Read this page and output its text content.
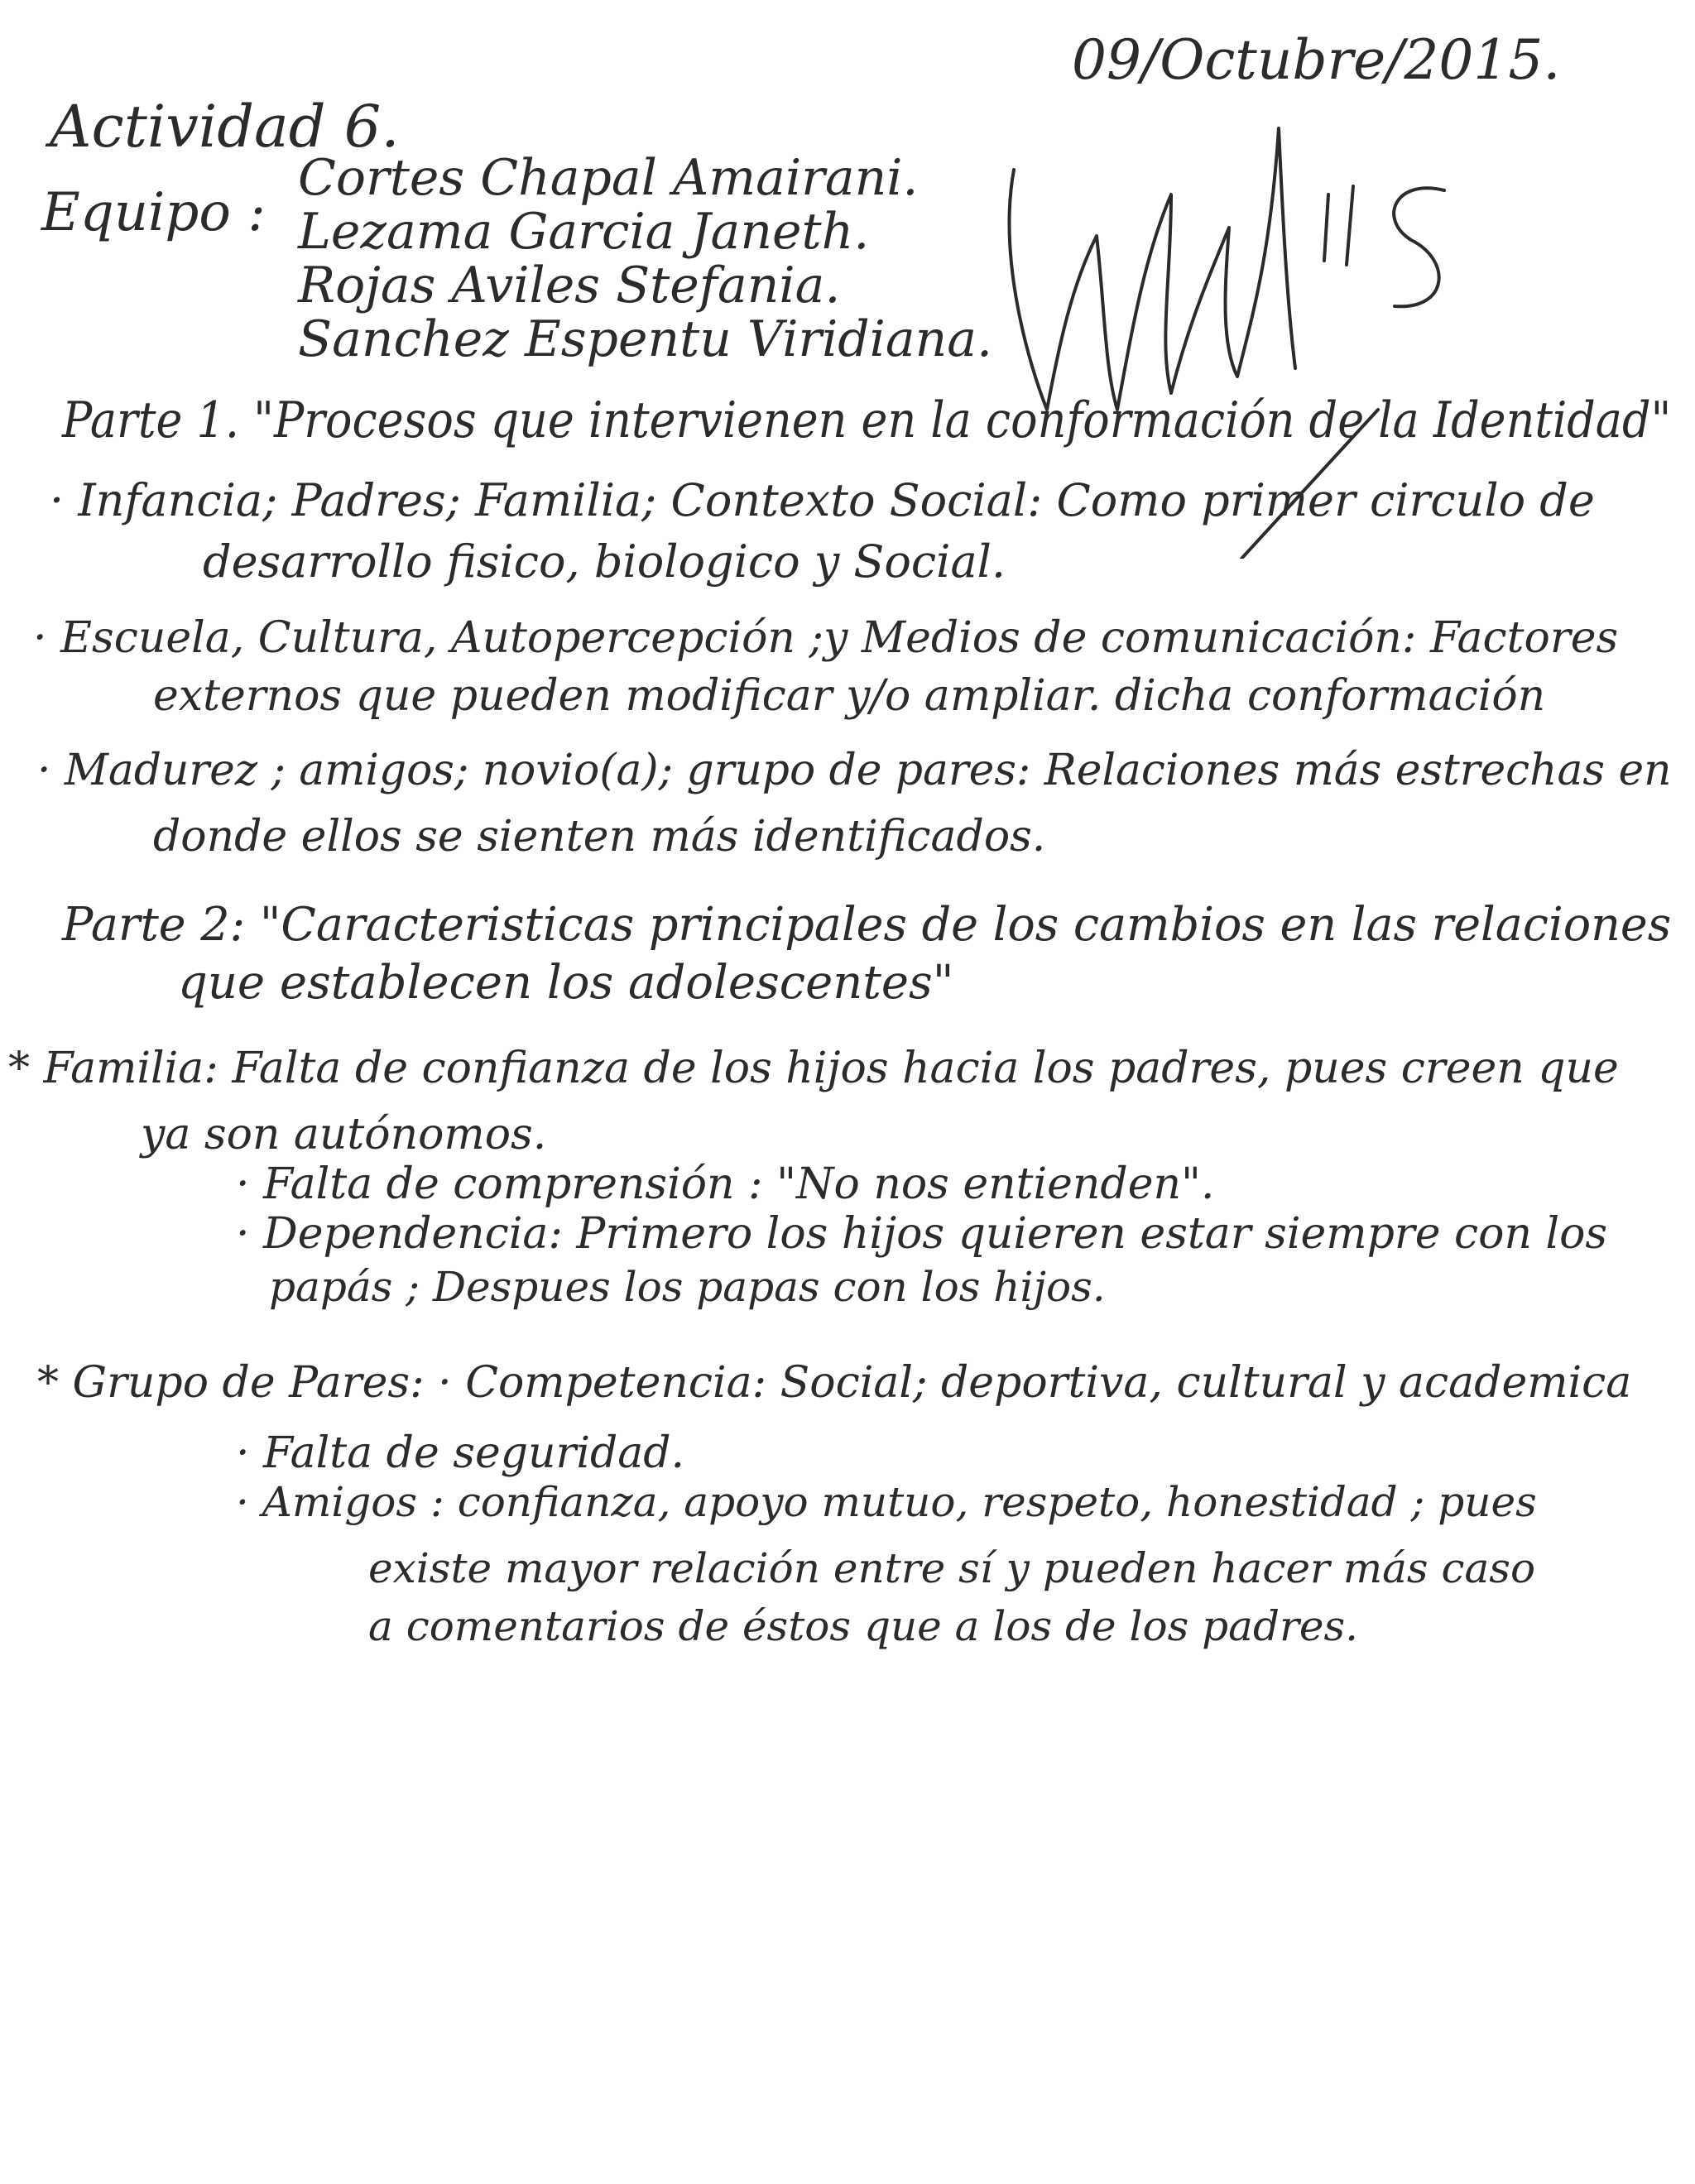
09/Octubre/2015.
Actividad 6.
Equipo :
Cortes Chapal Amairani.
Lezama Garcia Janeth.
Rojas Aviles Stefania.
Sanchez Espentu Viridiana.
Parte 1. "Procesos que intervienen en la conformación de la Identidad"
· Infancia; Padres; Familia; Contexto Social: Como primer circulo de
desarrollo fisico, biologico y Social.
· Escuela, Cultura, Autopercepción ;y Medios de comunicación: Factores
externos que pueden modificar y/o ampliar. dicha conformación
· Madurez ; amigos; novio(a); grupo de pares: Relaciones más estrechas en
donde ellos se sienten más identificados.
Parte 2: "Caracteristicas principales de los cambios en las relaciones
que establecen los adolescentes"
* Familia: Falta de confianza de los hijos hacia los padres, pues creen que
ya son autónomos.
· Falta de comprensión : "No nos entienden".
· Dependencia: Primero los hijos quieren estar siempre con los
papás ; Despues los papas con los hijos.
* Grupo de Pares: · Competencia: Social; deportiva, cultural y academica
· Falta de seguridad.
· Amigos : confianza, apoyo mutuo, respeto, honestidad ; pues
existe mayor relación entre sí y pueden hacer más caso
a comentarios de éstos que a los de los padres.
